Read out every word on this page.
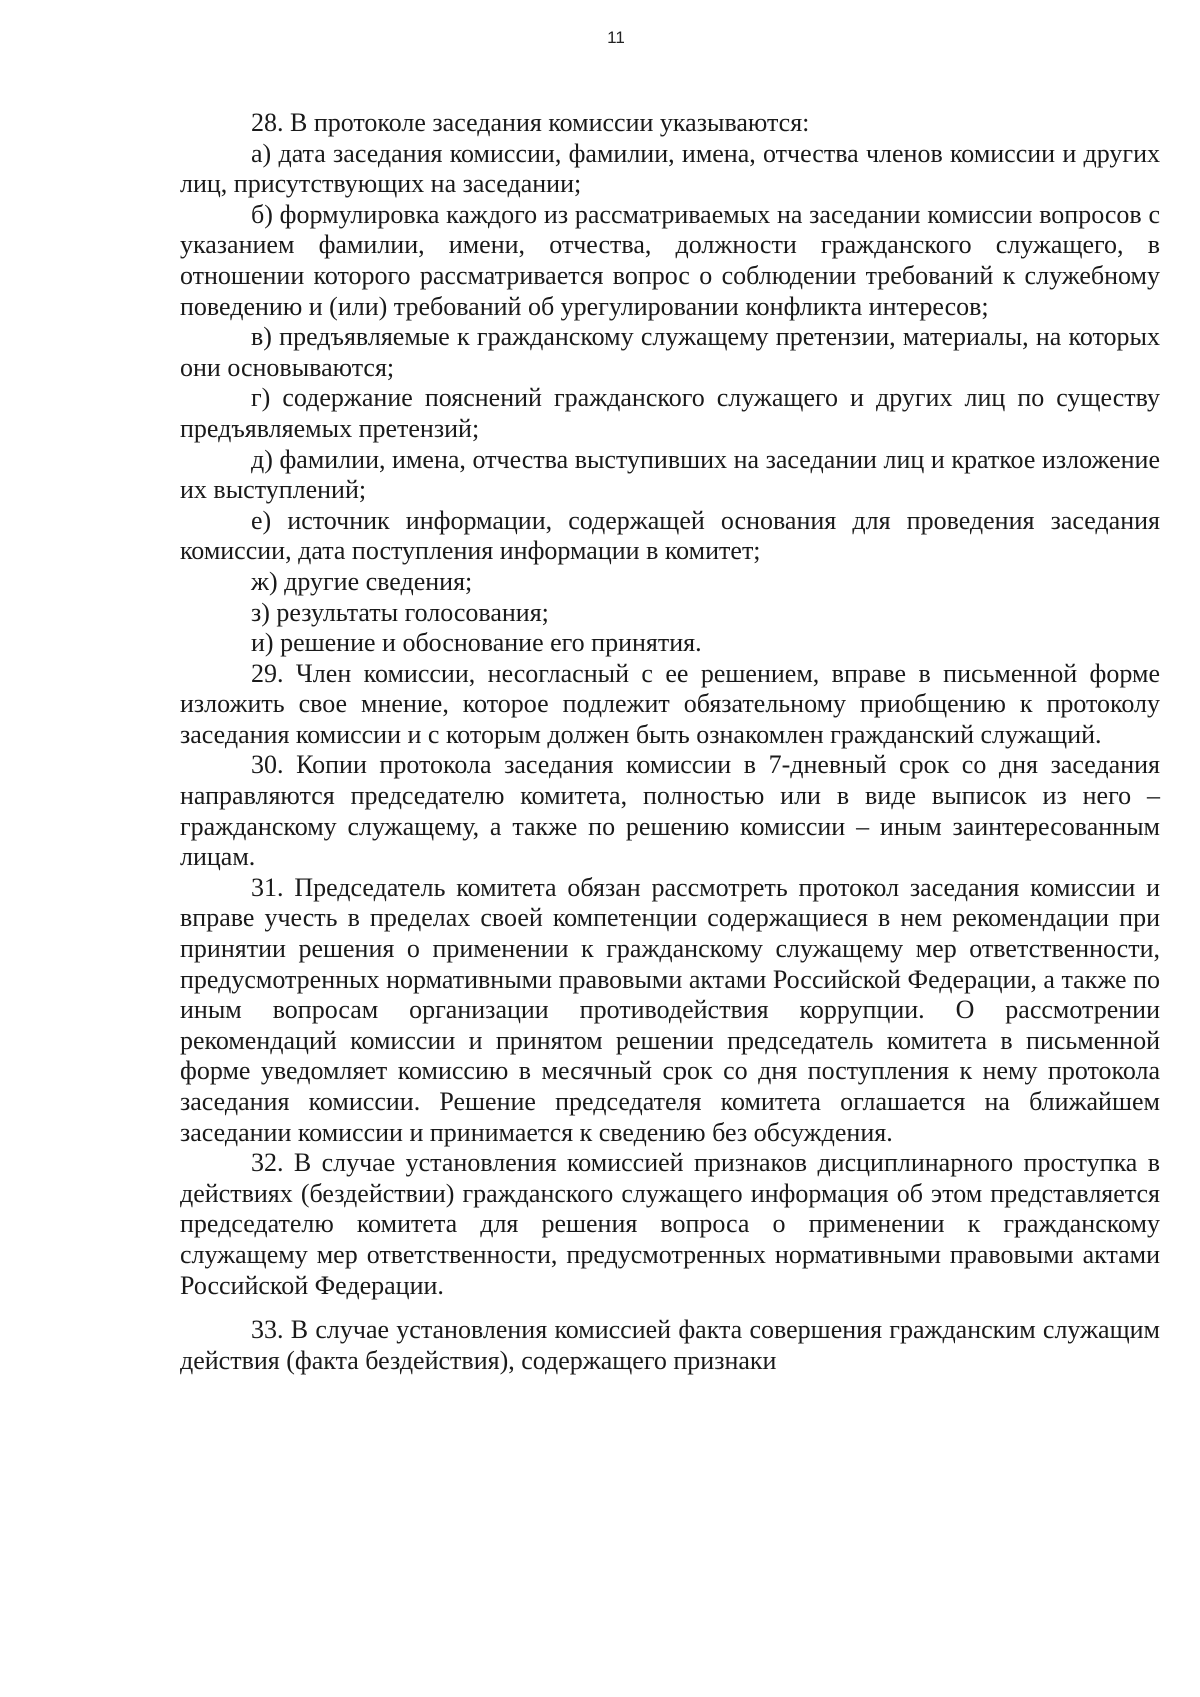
11

28. В протоколе заседания комиссии указываются:

а) дата заседания комиссии, фамилии, имена, отчества членов комиссии и других лиц, присутствующих на заседании;

б) формулировка каждого из рассматриваемых на заседании комиссии вопросов с указанием фамилии, имени, отчества, должности гражданского служащего, в отношении которого рассматривается вопрос о соблюдении требований к служебному поведению и (или) требований об урегулировании конфликта интересов;

в) предъявляемые к гражданскому служащему претензии, материалы, на которых они основываются;

г) содержание пояснений гражданского служащего и других лиц по существу предъявляемых претензий;

д) фамилии, имена, отчества выступивших на заседании лиц и краткое изложение их выступлений;

е) источник информации, содержащей основания для проведения заседания комиссии, дата поступления информации в комитет;

ж) другие сведения;

з) результаты голосования;

и) решение и обоснование его принятия.

29. Член комиссии, несогласный с ее решением, вправе в письменной форме изложить свое мнение, которое подлежит обязательному приобщению к протоколу заседания комиссии и с которым должен быть ознакомлен гражданский служащий.

30. Копии протокола заседания комиссии в 7-дневный срок со дня заседания направляются председателю комитета, полностью или в виде выписок из него – гражданскому служащему, а также по решению комиссии – иным заинтересованным лицам.

31. Председатель комитета обязан рассмотреть протокол заседания комиссии и вправе учесть в пределах своей компетенции содержащиеся в нем рекомендации при принятии решения о применении к гражданскому служащему мер ответственности, предусмотренных нормативными правовыми актами Российской Федерации, а также по иным вопросам организации противодействия коррупции. О рассмотрении рекомендаций комиссии и принятом решении председатель комитета в письменной форме уведомляет комиссию в месячный срок со дня поступления к нему протокола заседания комиссии. Решение председателя комитета оглашается на ближайшем заседании комиссии и принимается к сведению без обсуждения.

32. В случае установления комиссией признаков дисциплинарного проступка в действиях (бездействии) гражданского служащего информация об этом представляется председателю комитета для решения вопроса о применении к гражданскому служащему мер ответственности, предусмотренных нормативными правовыми актами Российской Федерации.

33. В случае установления комиссией факта совершения гражданским служащим действия (факта бездействия), содержащего признаки
